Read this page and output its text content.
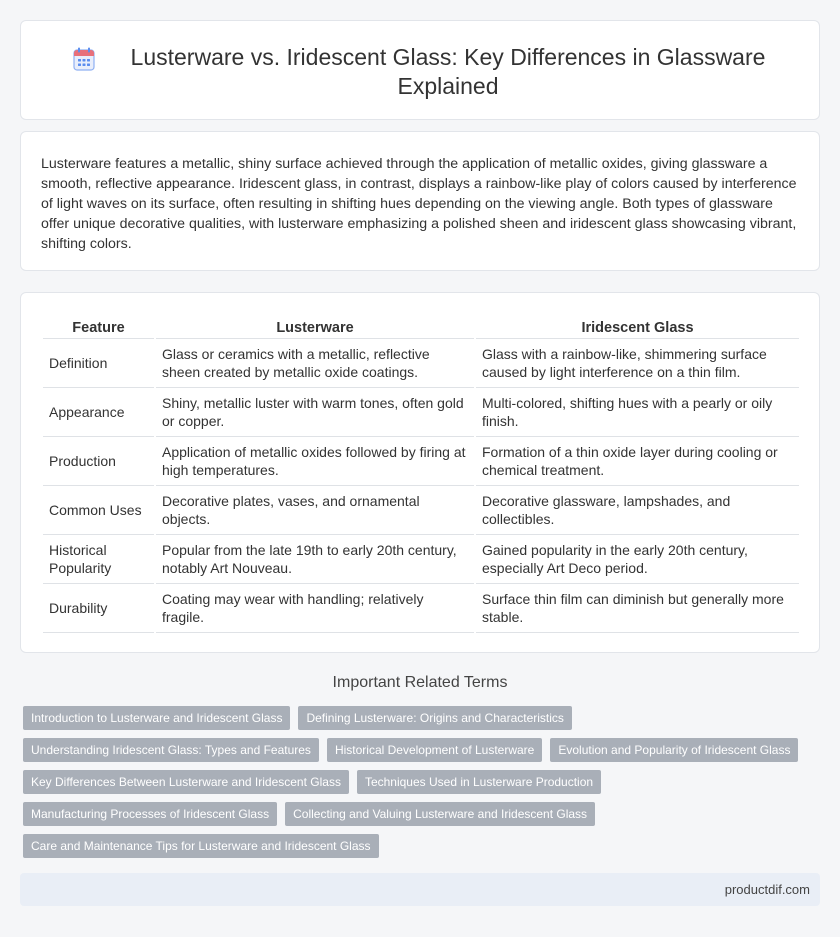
Lusterware vs. Iridescent Glass: Key Differences in Glassware Explained

Lusterware features a metallic, shiny surface achieved through the application of metallic oxides, giving glassware a smooth, reflective appearance. Iridescent glass, in contrast, displays a rainbow-like play of colors caused by interference of light waves on its surface, often resulting in shifting hues depending on the viewing angle. Both types of glassware offer unique decorative qualities, with lusterware emphasizing a polished sheen and iridescent glass showcasing vibrant, shifting colors.

Feature	Lusterware	Iridescent Glass
Definition	Glass or ceramics with a metallic, reflective sheen created by metallic oxide coatings.	Glass with a rainbow-like, shimmering surface caused by light interference on a thin film.
Appearance	Shiny, metallic luster with warm tones, often gold or copper.	Multi-colored, shifting hues with a pearly or oily finish.
Production	Application of metallic oxides followed by firing at high temperatures.	Formation of a thin oxide layer during cooling or chemical treatment.
Common Uses	Decorative plates, vases, and ornamental objects.	Decorative glassware, lampshades, and collectibles.
Historical Popularity	Popular from the late 19th to early 20th century, notably Art Nouveau.	Gained popularity in the early 20th century, especially Art Deco period.
Durability	Coating may wear with handling; relatively fragile.	Surface thin film can diminish but generally more stable.
Important Related Terms
Introduction to Lusterware and Iridescent Glass	Defining Lusterware: Origins and Characteristics
Understanding Iridescent Glass: Types and Features	Historical Development of Lusterware	Evolution and Popularity of Iridescent Glass
Key Differences Between Lusterware and Iridescent Glass	Techniques Used in Lusterware Production
Manufacturing Processes of Iridescent Glass	Collecting and Valuing Lusterware and Iridescent Glass
Care and Maintenance Tips for Lusterware and Iridescent Glass
productdif.com
